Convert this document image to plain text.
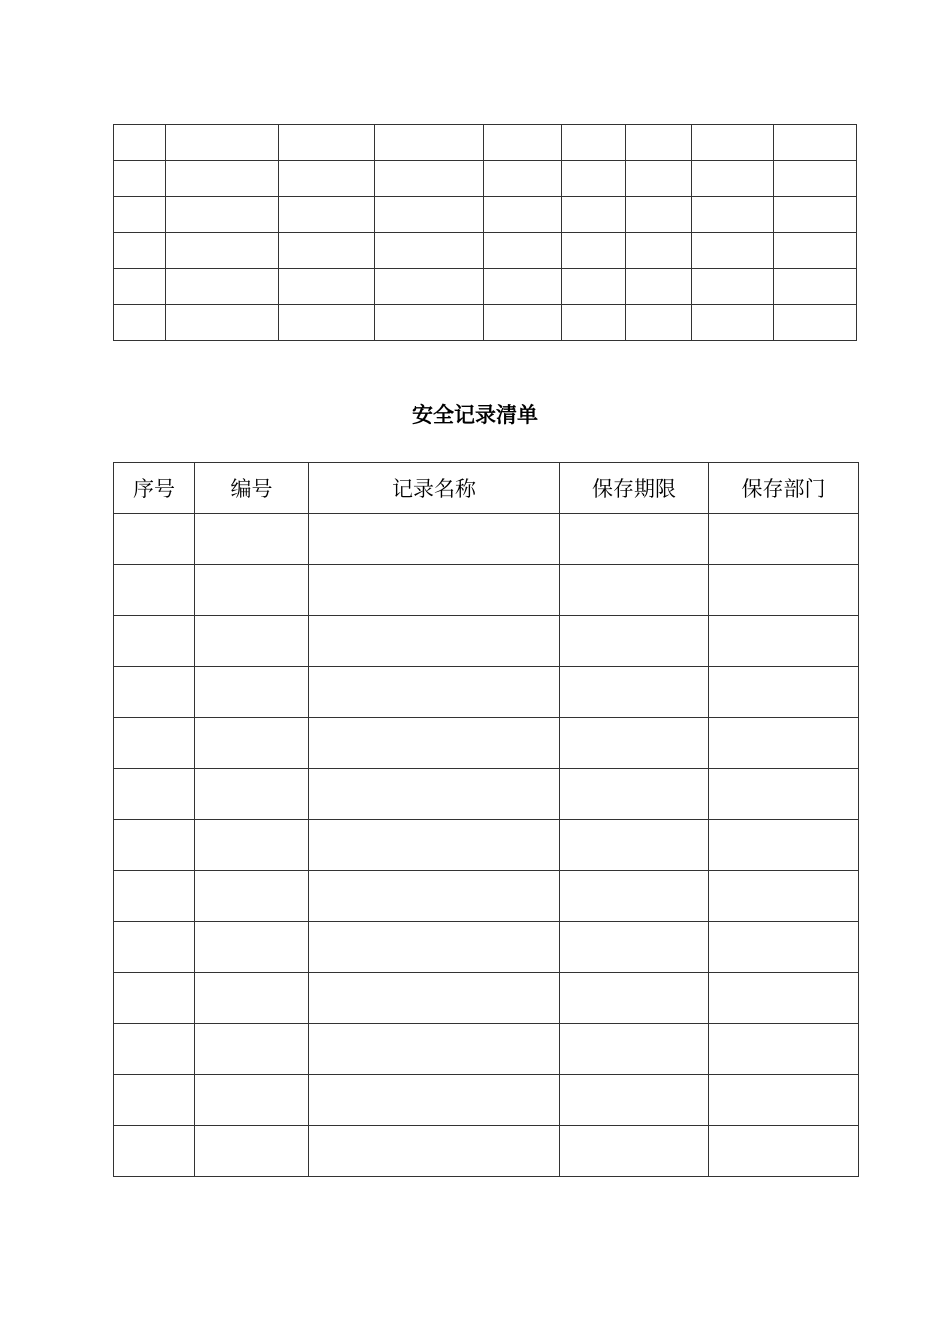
安全记录清单
序号	编号	记录名称	保存期限	保存部门
